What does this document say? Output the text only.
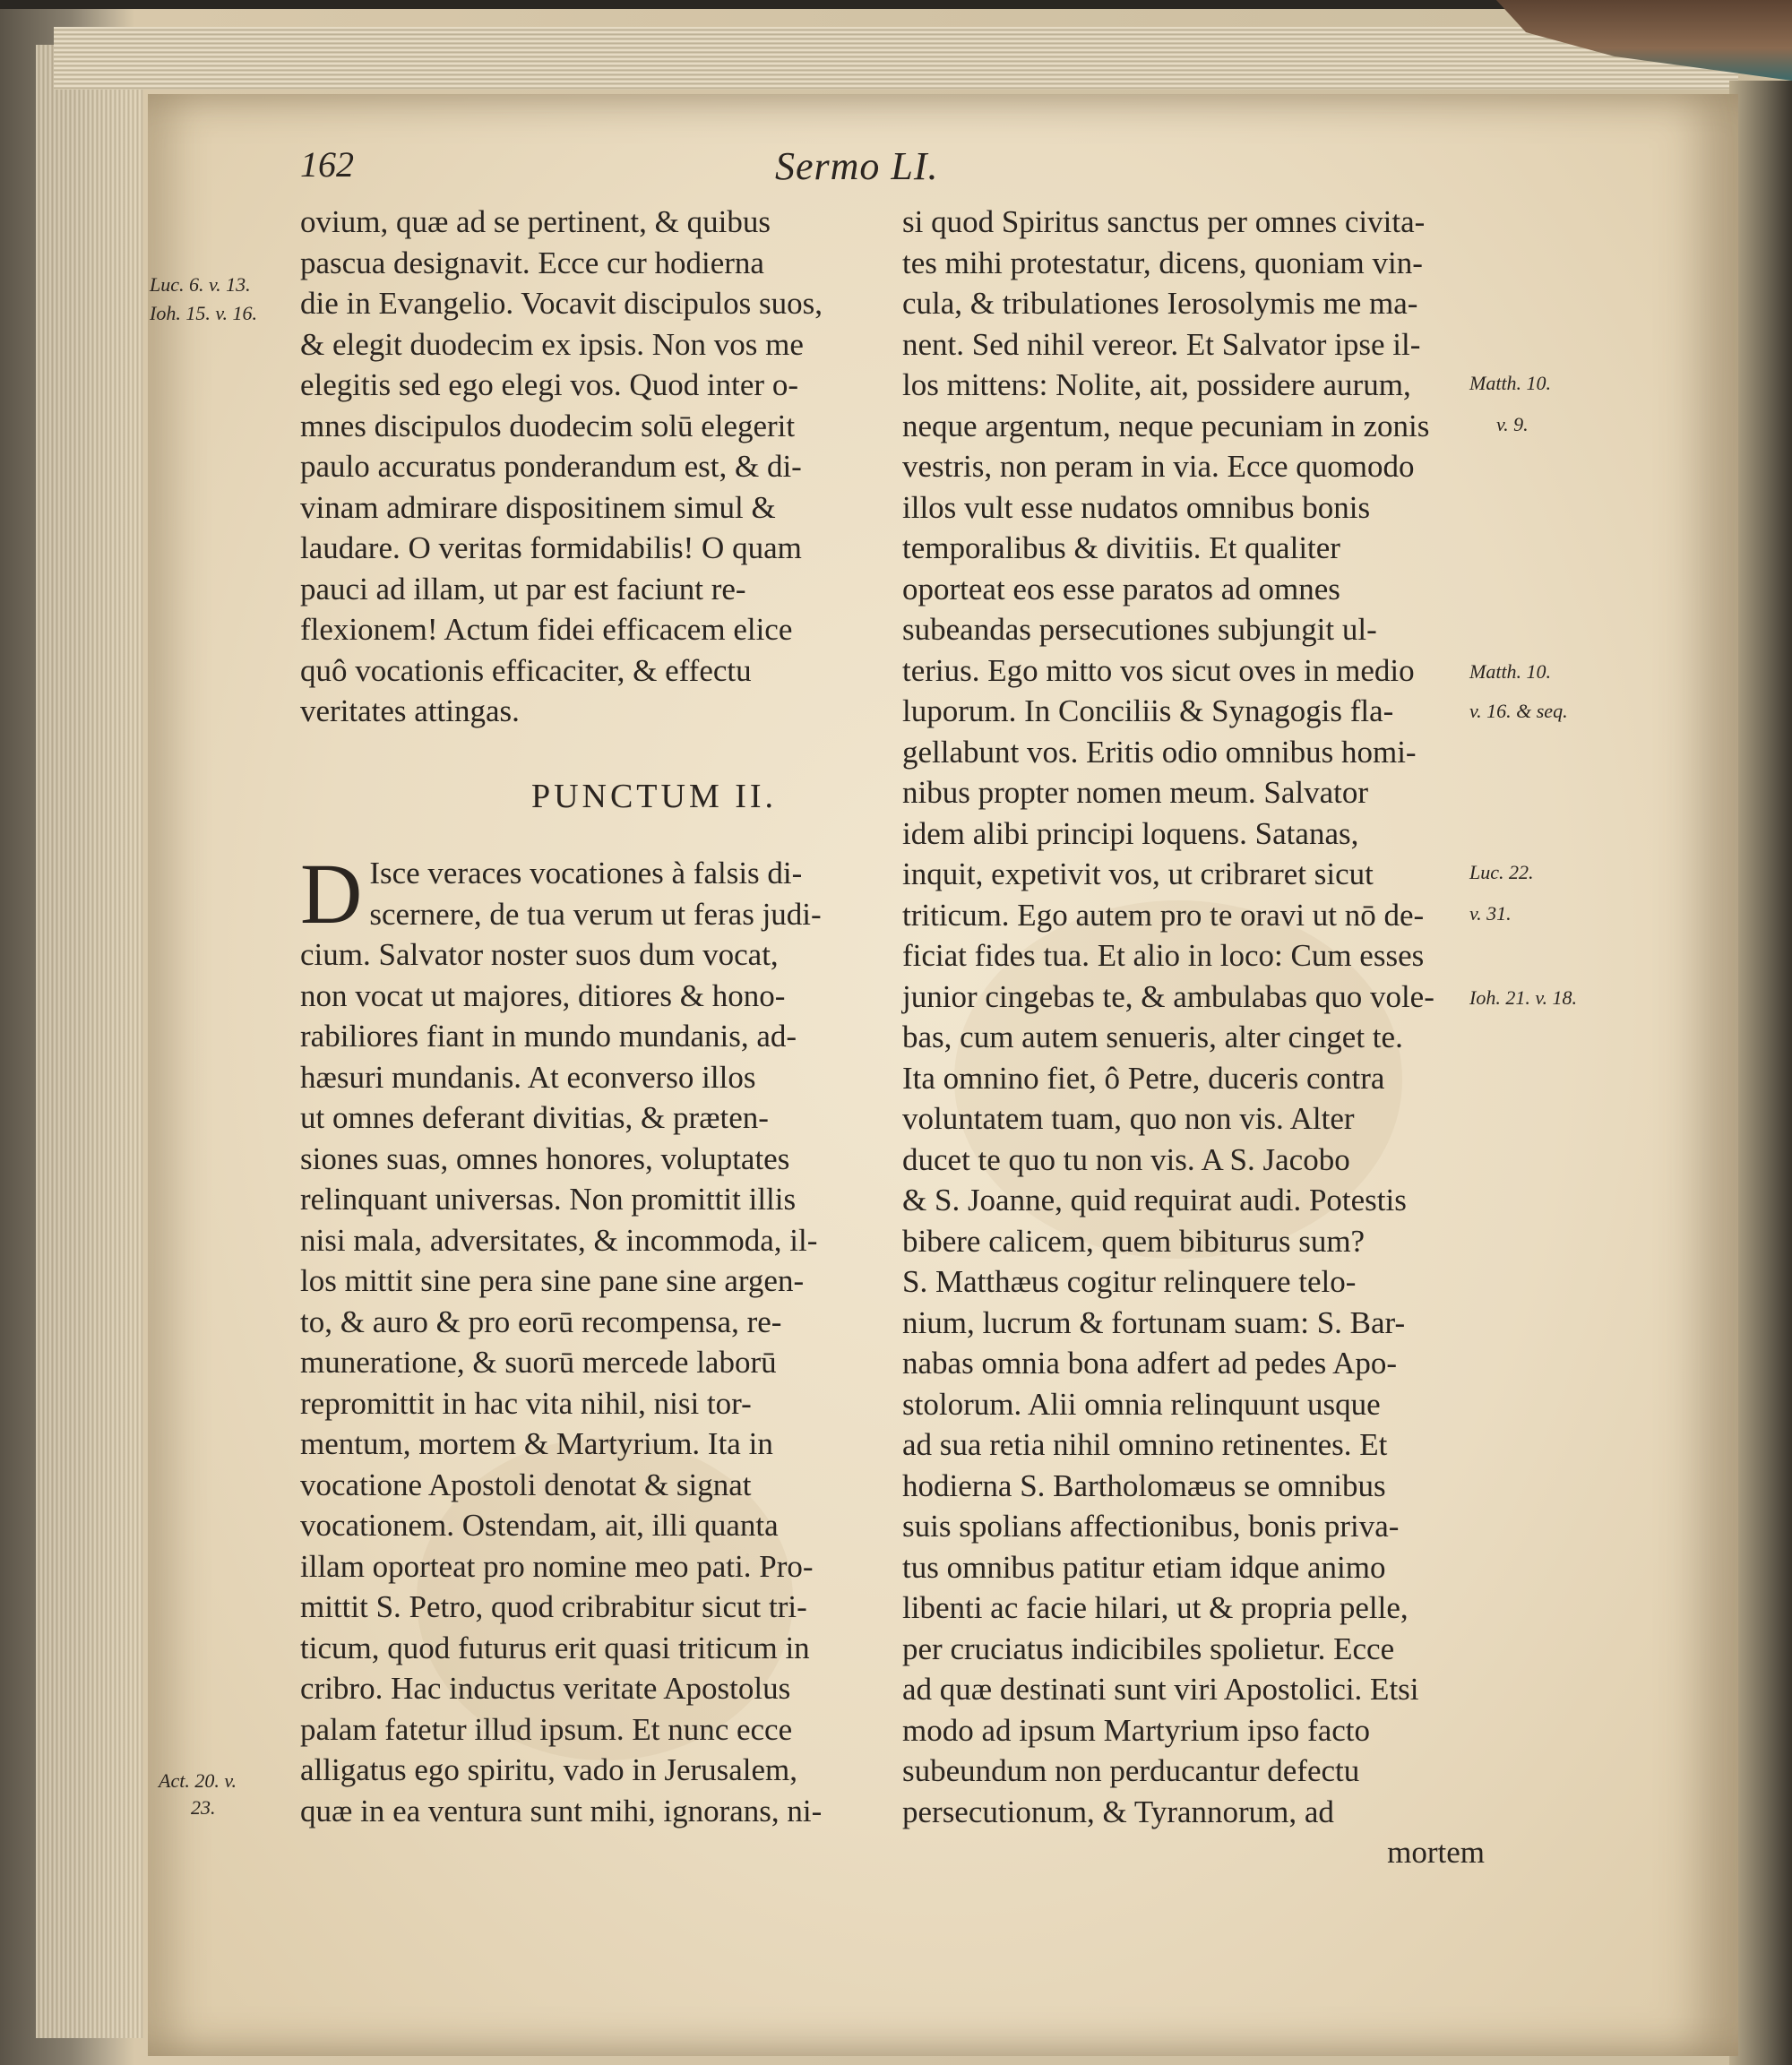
162	Sermo LI.
ovium, quæ ad se pertinent, & quibus
pascua designavit. Ecce cur hodierna
die in Evangelio. Vocavit discipulos suos,
& elegit duodecim ex ipsis. Non vos me
elegitis sed ego elegi vos. Quod inter o-
mnes discipulos duodecim solū elegerit
paulo accuratus ponderandum est, & di-
vinam admirare dispositinem simul &
laudare. O veritas formidabilis! O quam
pauci ad illam, ut par est faciunt re-
flexionem! Actum fidei efficacem elice
quô vocationis efficaciter, & effectu
veritates attingas.
PUNCTUM II.
D Isce veraces vocationes à falsis di-
scernere, de tua verum ut feras judi-
cium. Salvator noster suos dum vocat,
non vocat ut majores, ditiores & hono-
rabiliores fiant in mundo mundanis, ad-
hæsuri mundanis. At econverso illos
ut omnes deferant divitias, & præten-
siones suas, omnes honores, voluptates
relinquant universas. Non promittit illis
nisi mala, adversitates, & incommoda, il-
los mittit sine pera sine pane sine argen-
to, & auro & pro eorū recompensa, re-
muneratione, & suorū mercede laborū
repromittit in hac vita nihil, nisi tor-
mentum, mortem & Martyrium. Ita in
vocatione Apostoli denotat & signat
vocationem. Ostendam, ait, illi quanta
illam oporteat pro nomine meo pati. Pro-
mittit S. Petro, quod cribrabitur sicut tri-
ticum, quod futurus erit quasi triticum in
cribro. Hac inductus veritate Apostolus
palam fatetur illud ipsum. Et nunc ecce
alligatus ego spiritu, vado in Jerusalem,
quæ in ea ventura sunt mihi, ignorans, ni-
Luc. 6. v. 13.
Ioh. 15. v. 16.
Act. 20. v.
23.
si quod Spiritus sanctus per omnes civita-
tes mihi protestatur, dicens, quoniam vin-
cula, & tribulationes Ierosolymis me ma-
nent. Sed nihil vereor. Et Salvator ipse il-
los mittens: Nolite, ait, possidere aurum,
neque argentum, neque pecuniam in zonis
vestris, non peram in via. Ecce quomodo
illos vult esse nudatos omnibus bonis
temporalibus & divitiis. Et qualiter
oporteat eos esse paratos ad omnes
subeandas persecutiones subjungit ul-
terius. Ego mitto vos sicut oves in medio
luporum. In Conciliis & Synagogis fla-
gellabunt vos. Eritis odio omnibus homi-
nibus propter nomen meum. Salvator
idem alibi principi loquens. Satanas,
inquit, expetivit vos, ut cribraret sicut
triticum. Ego autem pro te oravi ut nō de-
ficiat fides tua. Et alio in loco: Cum esses
junior cingebas te, & ambulabas quo vole-
bas, cum autem senueris, alter cinget te.
Ita omnino fiet, ô Petre, duceris contra
voluntatem tuam, quo non vis. Alter
ducet te quo tu non vis. A S. Jacobo
& S. Joanne, quid requirat audi. Potestis
bibere calicem, quem bibiturus sum?
S. Matthæus cogitur relinquere telo-
nium, lucrum & fortunam suam: S. Bar-
nabas omnia bona adfert ad pedes Apo-
stolorum. Alii omnia relinquunt usque
ad sua retia nihil omnino retinentes. Et
hodierna S. Bartholomæus se omnibus
suis spolians affectionibus, bonis priva-
tus omnibus patitur etiam idque animo
libenti ac facie hilari, ut & propria pelle,
per cruciatus indicibiles spolietur. Ecce
ad quæ destinati sunt viri Apostolici. Etsi
modo ad ipsum Martyrium ipso facto
subeundum non perducantur defectu
persecutionum, & Tyrannorum, ad
mortem
Matth. 10.
v. 9.
Matth. 10.
v. 16. & seq.
Luc. 22.
v. 31.
Ioh. 21. v. 18.
